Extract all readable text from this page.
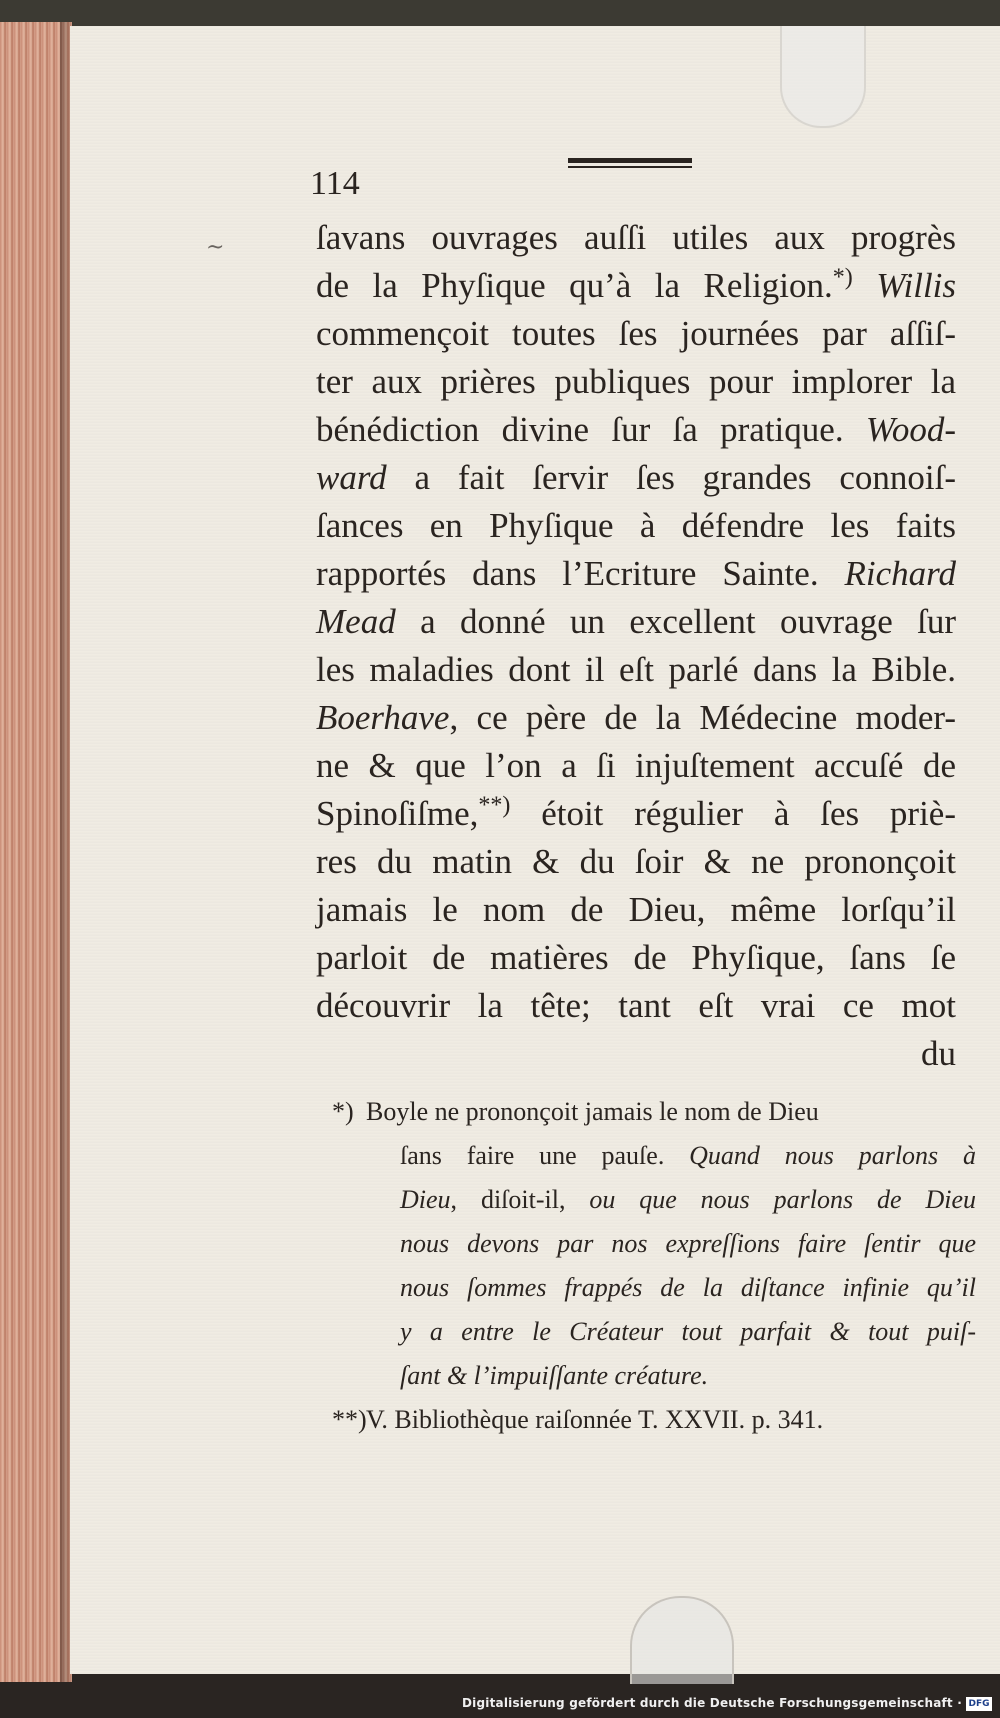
114
~	ſavans ouvrages auſſi utiles aux progrès
de la Phyſique qu’à la Religion.*) Willis
commençoit toutes ſes journées par aſſiſ-
ter aux prières publiques pour implorer la
bénédiction divine ſur ſa pratique. Wood-
ward a fait ſervir ſes grandes connoiſ-
ſances en Phyſique à défendre les faits
rapportés dans l’Ecriture Sainte. Richard
Mead a donné un excellent ouvrage ſur
les maladies dont il eſt parlé dans la Bible.
Boerhave, ce père de la Médecine moder-
ne & que l’on a ſi injuſtement accuſé de
Spinoſiſme,**) étoit régulier à ſes priè-
res du matin & du ſoir & ne prononçoit
jamais le nom de Dieu, même lorſqu’il
parloit de matières de Phyſique, ſans ſe
découvrir la tête; tant eſt vrai ce mot
du
*) Boyle ne prononçoit jamais le nom de Dieu
ſans faire une pauſe. Quand nous parlons à
Dieu, diſoit-il, ou que nous parlons de Dieu
nous devons par nos expreſſions faire ſentir que
nous ſommes frappés de la diſtance infinie qu’il
y a entre le Créateur tout parfait & tout puiſ-
ſant & l’impuiſſante créature.
**)V. Bibliothèque raiſonnée T. XXVII. p. 341.
Digitalisierung gefördert durch die Deutsche Forschungsgemeinschaft · DFG
